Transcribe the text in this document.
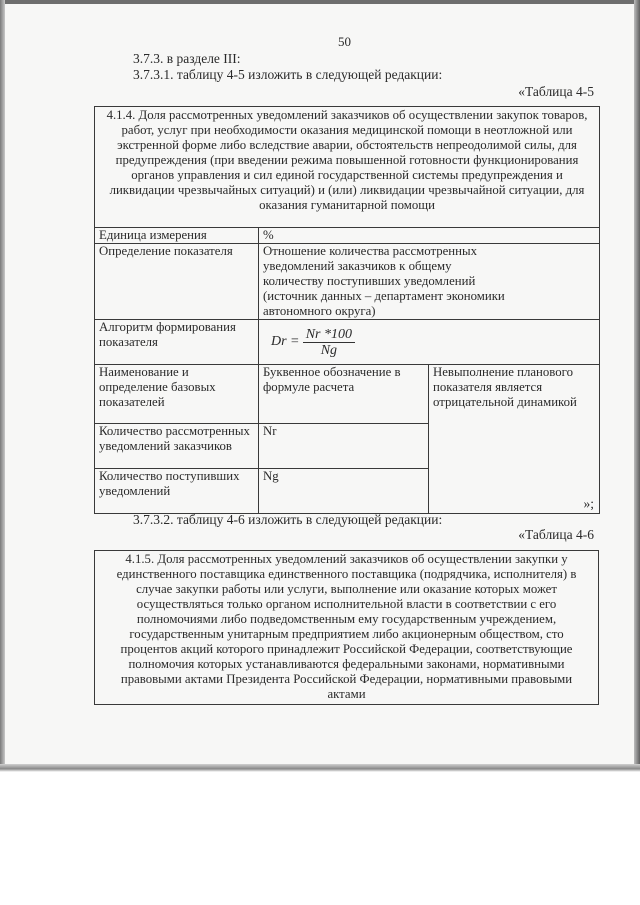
50
3.7.3. в разделе III:
3.7.3.1. таблицу 4-5 изложить в следующей редакции:
«Таблица 4-5
4.1.4. Доля рассмотренных уведомлений заказчиков об осуществлении закупок товаров, работ, услуг при необходимости оказания медицинской помощи в неотложной или экстренной форме либо вследствие аварии, обстоятельств непреодолимой силы, для предупреждения (при введении режима повышенной готовности функционирования органов управления и сил единой государственной системы предупреждения и ликвидации чрезвычайных ситуаций) и (или) ликвидации чрезвычайной ситуации, для оказания гуманитарной помощи		
Единица измерения	%	
Определение показателя	Отношение количества рассмотренных уведомлений заказчиков к общему количеству поступивших уведомлений (источник данных – департамент экономики автономного округа)	
Алгоритм формирования показателя	$Dr = \frac{Nr *100}{Ng}$

Наименование и определение базовых показателей	Буквенное обозначение в формуле расчета	Невыполнение планового показателя является отрицательной динамикой
Количество рассмотренных уведомлений заказчиков	Nr	
Количество поступивших уведомлений	Ng	
»;
3.7.3.2. таблицу 4-6 изложить в следующей редакции:
«Таблица 4-6
4.1.5. Доля рассмотренных уведомлений заказчиков об осуществлении закупки у единственного поставщика единственного поставщика (подрядчика, исполнителя) в случае закупки работы или услуги, выполнение или оказание которых может осуществляться только органом исполнительной власти в соответствии с его полномочиями либо подведомственным ему государственным учреждением, государственным унитарным предприятием либо акционерным обществом, сто процентов акций которого принадлежит Российской Федерации, соответствующие полномочия которых устанавливаются федеральными законами, нормативными правовыми актами Президента Российской Федерации, нормативными правовыми актами
